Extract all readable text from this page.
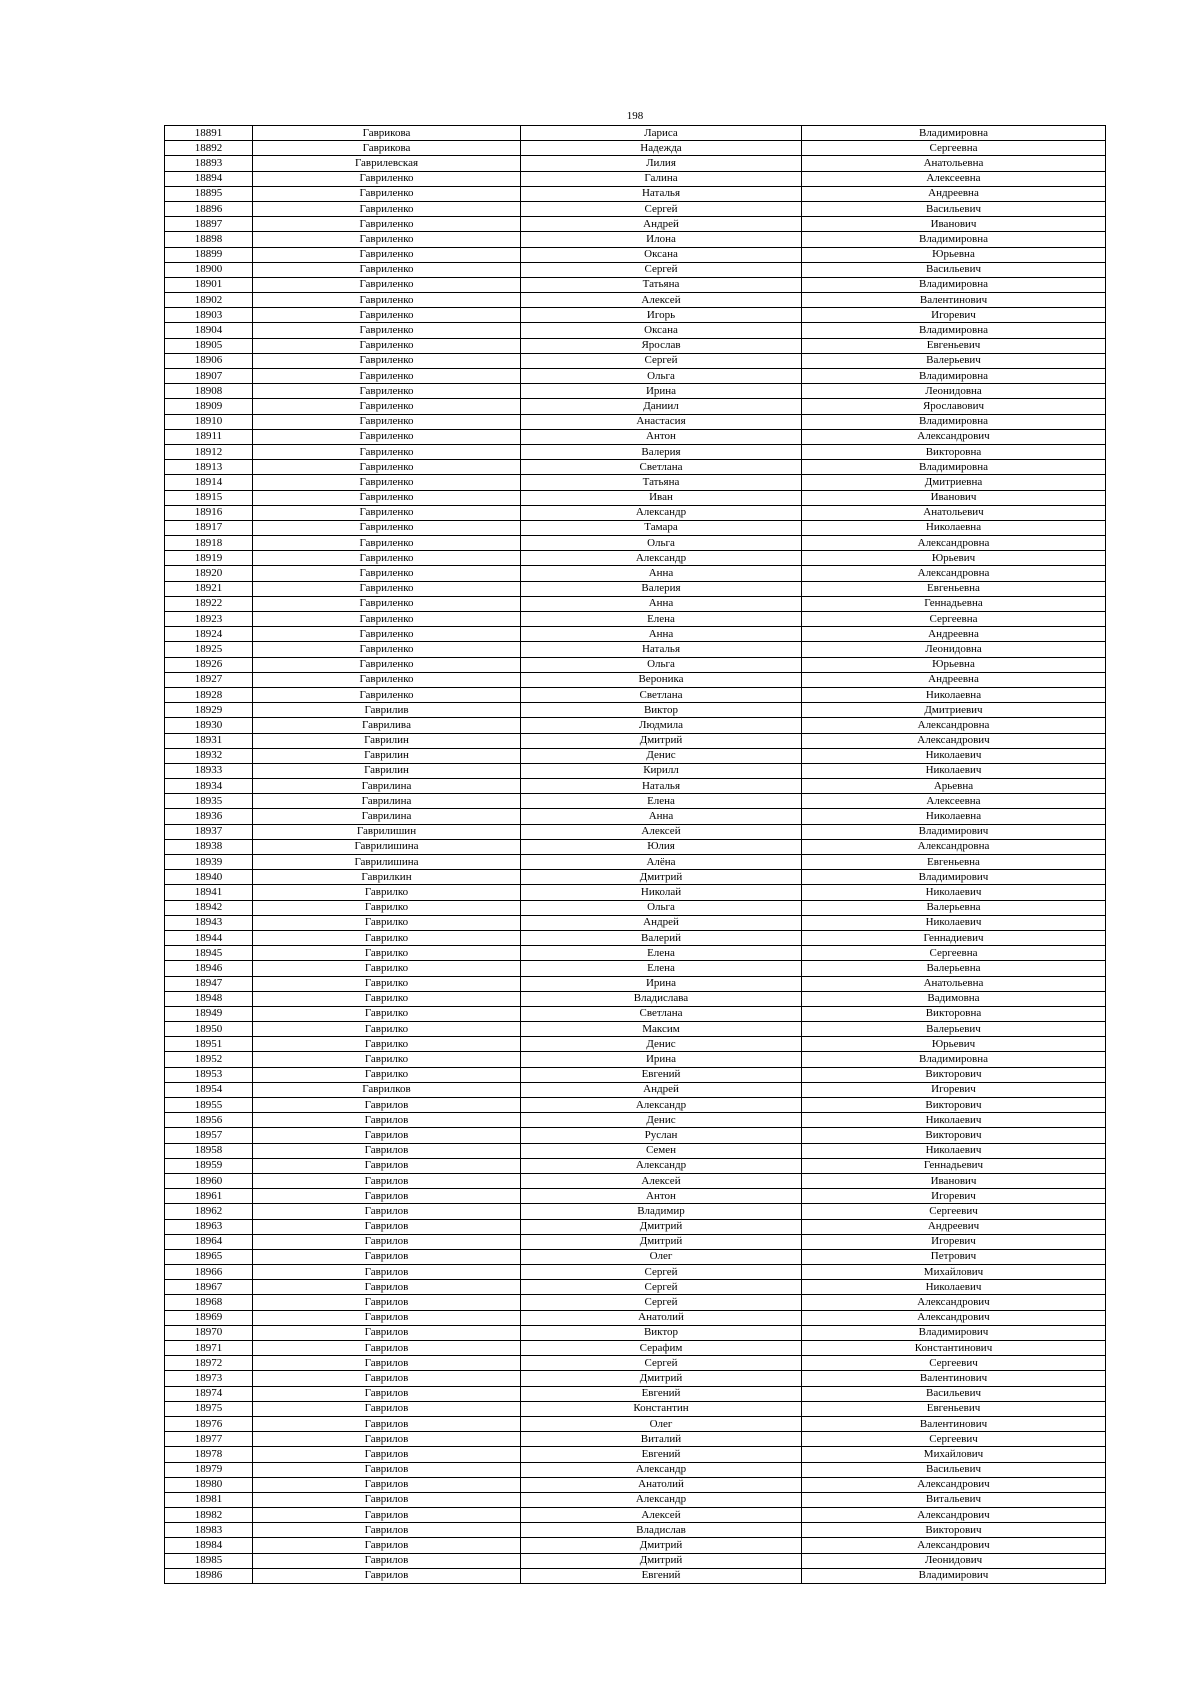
198
18891	Гаврикова	Лариса	Владимировна
18892	Гаврикова	Надежда	Сергеевна
18893	Гаврилевская	Лилия	Анатольевна
18894	Гавриленко	Галина	Алексеевна
18895	Гавриленко	Наталья	Андреевна
18896	Гавриленко	Сергей	Васильевич
18897	Гавриленко	Андрей	Иванович
18898	Гавриленко	Илона	Владимировна
18899	Гавриленко	Оксана	Юрьевна
18900	Гавриленко	Сергей	Васильевич
18901	Гавриленко	Татьяна	Владимировна
18902	Гавриленко	Алексей	Валентинович
18903	Гавриленко	Игорь	Игоревич
18904	Гавриленко	Оксана	Владимировна
18905	Гавриленко	Ярослав	Евгеньевич
18906	Гавриленко	Сергей	Валерьевич
18907	Гавриленко	Ольга	Владимировна
18908	Гавриленко	Ирина	Леонидовна
18909	Гавриленко	Даниил	Ярославович
18910	Гавриленко	Анастасия	Владимировна
18911	Гавриленко	Антон	Александрович
18912	Гавриленко	Валерия	Викторовна
18913	Гавриленко	Светлана	Владимировна
18914	Гавриленко	Татьяна	Дмитриевна
18915	Гавриленко	Иван	Иванович
18916	Гавриленко	Александр	Анатольевич
18917	Гавриленко	Тамара	Николаевна
18918	Гавриленко	Ольга	Александровна
18919	Гавриленко	Александр	Юрьевич
18920	Гавриленко	Анна	Александровна
18921	Гавриленко	Валерия	Евгеньевна
18922	Гавриленко	Анна	Геннадьевна
18923	Гавриленко	Елена	Сергеевна
18924	Гавриленко	Анна	Андреевна
18925	Гавриленко	Наталья	Леонидовна
18926	Гавриленко	Ольга	Юрьевна
18927	Гавриленко	Вероника	Андреевна
18928	Гавриленко	Светлана	Николаевна
18929	Гаврилив	Виктор	Дмитриевич
18930	Гавриливa	Людмила	Александровна
18931	Гаврилин	Дмитрий	Александрович
18932	Гаврилин	Денис	Николаевич
18933	Гаврилин	Кирилл	Николаевич
18934	Гаврилина	Наталья	Арьевна
18935	Гаврилина	Елена	Алексеевна
18936	Гаврилина	Анна	Николаевна
18937	Гаврилишин	Алексей	Владимирович
18938	Гаврилишина	Юлия	Александровна
18939	Гаврилишина	Алёна	Евгеньевна
18940	Гаврилкин	Дмитрий	Владимирович
18941	Гаврилко	Николай	Николаевич
18942	Гаврилко	Ольга	Валерьевна
18943	Гаврилко	Андрей	Николаевич
18944	Гаврилко	Валерий	Геннадиевич
18945	Гаврилко	Елена	Сергеевна
18946	Гаврилко	Елена	Валерьевна
18947	Гаврилко	Ирина	Анатольевна
18948	Гаврилко	Владислава	Вадимовна
18949	Гаврилко	Светлана	Викторовна
18950	Гаврилко	Максим	Валерьевич
18951	Гаврилко	Денис	Юрьевич
18952	Гаврилко	Ирина	Владимировна
18953	Гаврилко	Евгений	Викторович
18954	Гаврилков	Андрей	Игоревич
18955	Гаврилов	Александр	Викторович
18956	Гаврилов	Денис	Николаевич
18957	Гаврилов	Руслан	Викторович
18958	Гаврилов	Семен	Николаевич
18959	Гаврилов	Александр	Геннадьевич
18960	Гаврилов	Алексей	Иванович
18961	Гаврилов	Антон	Игоревич
18962	Гаврилов	Владимир	Сергеевич
18963	Гаврилов	Дмитрий	Андреевич
18964	Гаврилов	Дмитрий	Игоревич
18965	Гаврилов	Олег	Петрович
18966	Гаврилов	Сергей	Михайлович
18967	Гаврилов	Сергей	Николаевич
18968	Гаврилов	Сергей	Александрович
18969	Гаврилов	Анатолий	Александрович
18970	Гаврилов	Виктор	Владимирович
18971	Гаврилов	Серафим	Константинович
18972	Гаврилов	Сергей	Сергеевич
18973	Гаврилов	Дмитрий	Валентинович
18974	Гаврилов	Евгений	Васильевич
18975	Гаврилов	Константин	Евгеньевич
18976	Гаврилов	Олег	Валентинович
18977	Гаврилов	Виталий	Сергеевич
18978	Гаврилов	Евгений	Михайлович
18979	Гаврилов	Александр	Васильевич
18980	Гаврилов	Анатолий	Александрович
18981	Гаврилов	Александр	Витальевич
18982	Гаврилов	Алексей	Александрович
18983	Гаврилов	Владислав	Викторович
18984	Гаврилов	Дмитрий	Александрович
18985	Гаврилов	Дмитрий	Леонидович
18986	Гаврилов	Евгений	Владимирович
